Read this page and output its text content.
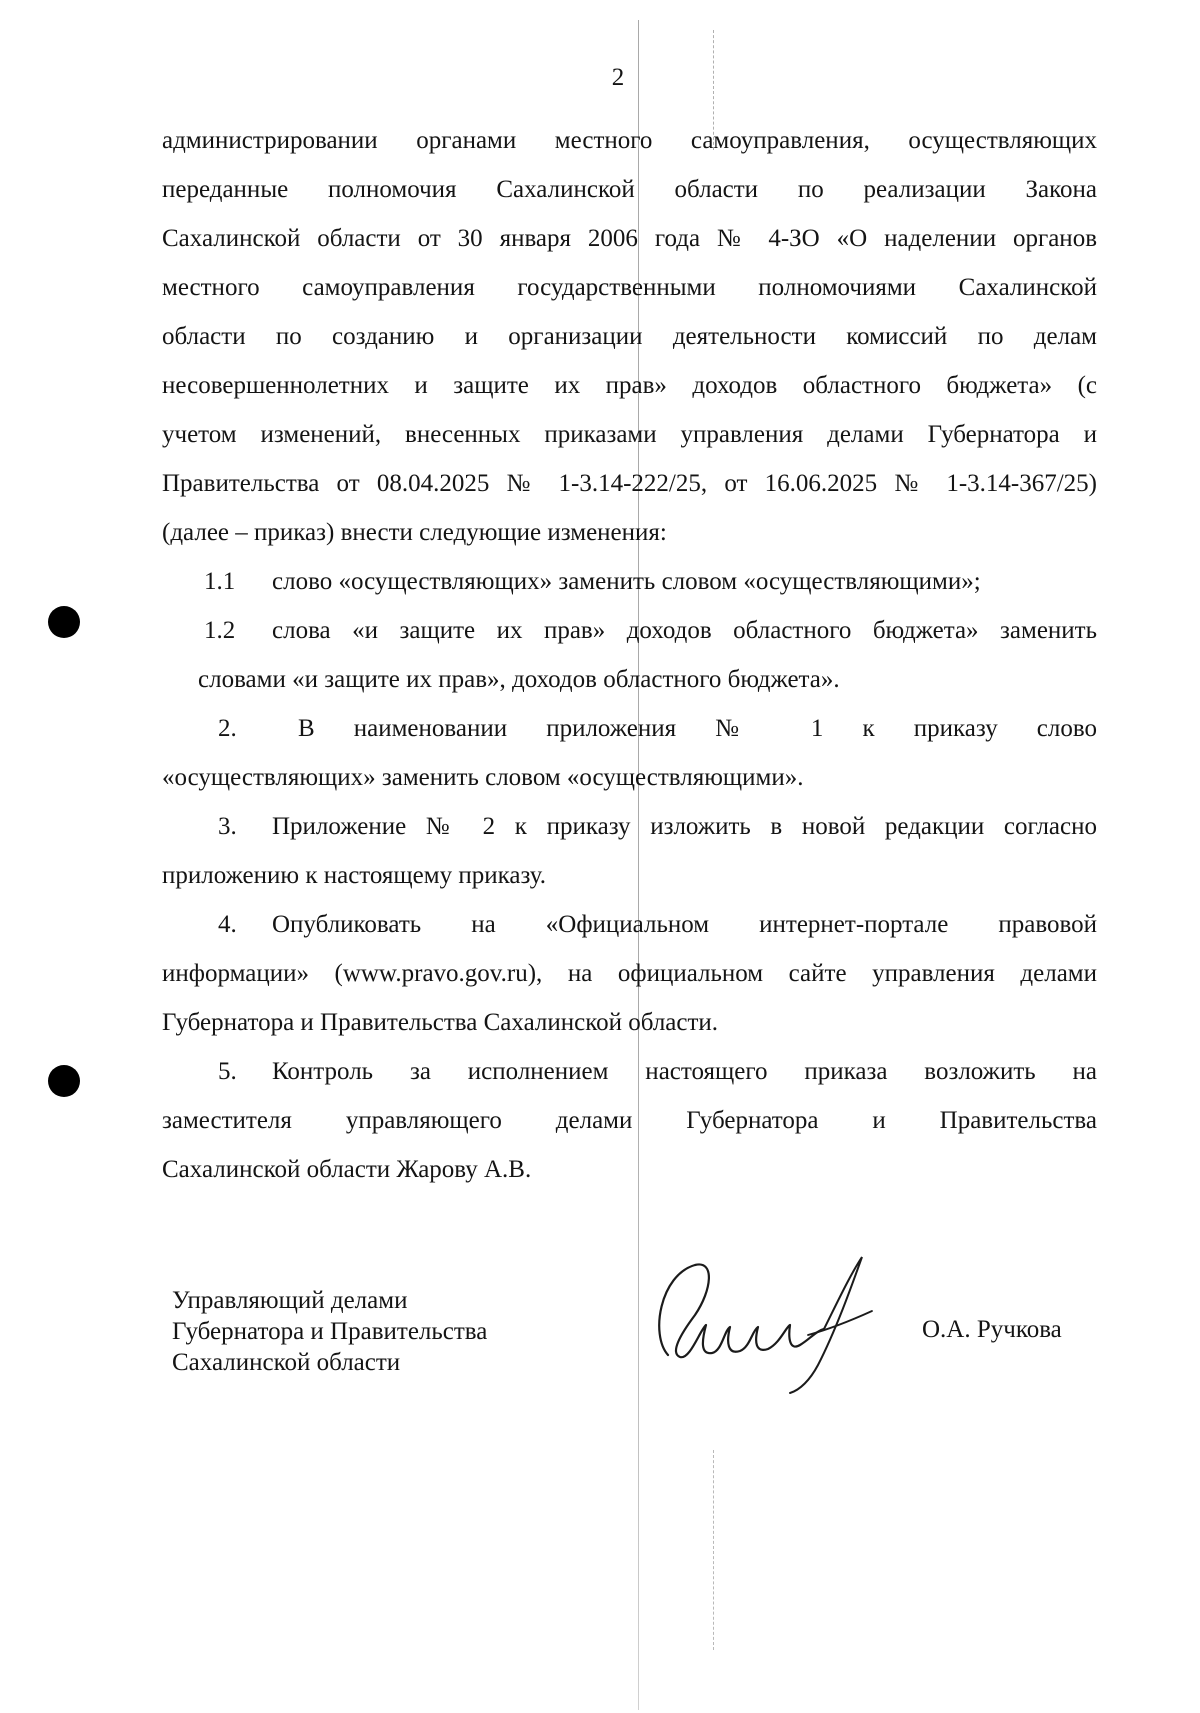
2
администрировании органами местного самоуправления, осуществляющих
переданные полномочия Сахалинской области по реализации Закона
Сахалинской области от 30 января 2006 года № 4-ЗО «О наделении органов
местного самоуправления государственными полномочиями Сахалинской
области по созданию и организации деятельности комиссий по делам
несовершеннолетних и защите их прав» доходов областного бюджета» (с
учетом изменений, внесенных приказами управления делами Губернатора и
Правительства от 08.04.2025 № 1-3.14-222/25, от 16.06.2025 № 1-3.14-367/25)
(далее – приказ) внести следующие изменения:
1.1 слово «осуществляющих» заменить словом «осуществляющими»;
1.2 слова «и защите их прав» доходов областного бюджета» заменить
словами «и защите их прав», доходов областного бюджета».
2. В наименовании приложения № 1 к приказу слово
«осуществляющих» заменить словом «осуществляющими».
3. Приложение № 2 к приказу изложить в новой редакции согласно
приложению к настоящему приказу.
4. Опубликовать на «Официальном интернет-портале правовой
информации» (www.pravo.gov.ru), на официальном сайте управления делами
Губернатора и Правительства Сахалинской области.
5. Контроль за исполнением настоящего приказа возложить на
заместителя управляющего делами Губернатора и Правительства
Сахалинской области Жарову А.В.
Управляющий делами
Губернатора и Правительства
Сахалинской области
О.А. Ручкова
